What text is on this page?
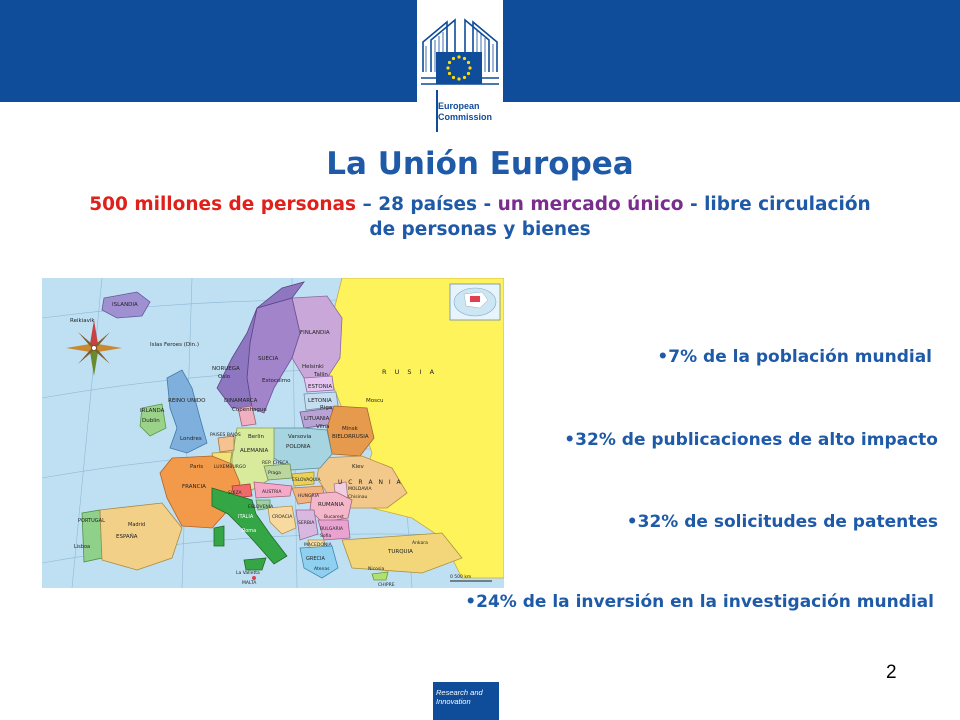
European
Commission
La Unión Europea
500 millones de personas – 28 países - un mercado único - libre circulación de personas y bienes
ISLANDIA
Reikiavik
Islas Feroes (Din.)
NORUEGA
Oslo
SUECIA
Estocolmo
FINLANDIA
Helsinki
Tallin
ESTONIA
LETONIA
Riga
LITUANIA
Vilna
R U S I A
Moscu
DINAMARCA
Copenhague
REINO UNIDO
IRLANDA
Dublin
Londres
PAISES BAJOS Berlin
ALEMANIA
Varsovia
POLONIA
BIELORRUSIA
Minsk
Kiev
U C R A N I A
Paris
FRANCIA
LUXEMBURGO
REP. CHECA
Praga
ESLOVAQUIA
AUSTRIA
HUNGRIA
MOLDAVIA
Chisinau
SUIZA
ESLOVENIA
CROACIA
RUMANIA
Bucarest
SERBIA
BULGARIA
Sofia
MACEDONIA
PORTUGAL
Lisboa
ESPAÑA
Madrid
ITALIA
Roma
GRECIA
Atenas
TURQUIA
Ankara
La Valletta
MALTA
Nicosia
CHIPRE
0 500 km
•7% de la población mundial
•32% de publicaciones de alto impacto
•32% de solicitudes de patentes
•24% de la inversión en la investigación mundial
2
Research and
Innovation
